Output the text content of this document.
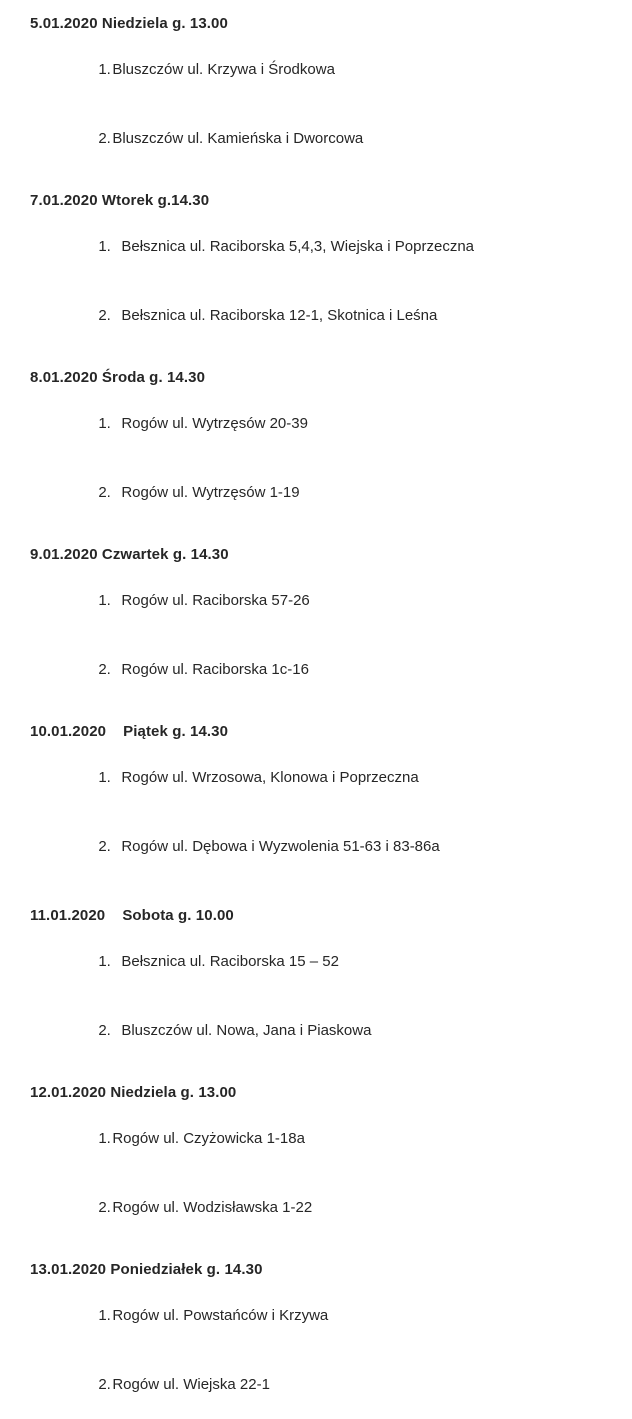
5.01.2020 Niedziela g. 13.00

1.Bluszczów ul. Krzywa i Środkowa

2.Bluszczów ul. Kamieńska i Dworcowa

7.01.2020 Wtorek g.14.30

1. Bełsznica ul. Raciborska 5,4,3, Wiejska i Poprzeczna

2. Bełsznica ul. Raciborska 12-1, Skotnica i Leśna

8.01.2020 Środa g. 14.30

1. Rogów ul. Wytrzęsów 20-39

2. Rogów ul. Wytrzęsów 1-19

9.01.2020 Czwartek g. 14.30

1. Rogów ul. Raciborska 57-26

2. Rogów ul. Raciborska 1c-16

10.01.2020    Piątek g. 14.30

1. Rogów ul. Wrzosowa, Klonowa i Poprzeczna

2. Rogów ul. Dębowa i Wyzwolenia 51-63 i 83-86a

11.01.2020    Sobota g. 10.00

1. Bełsznica ul. Raciborska 15 – 52

2. Bluszczów ul. Nowa, Jana i Piaskowa

12.01.2020 Niedziela g. 13.00

1.Rogów ul. Czyżowicka 1-18a

2.Rogów ul. Wodzisławska 1-22

13.01.2020 Poniedziałek g. 14.30

1.Rogów ul. Powstańców i Krzywa

2.Rogów ul. Wiejska 22-1
